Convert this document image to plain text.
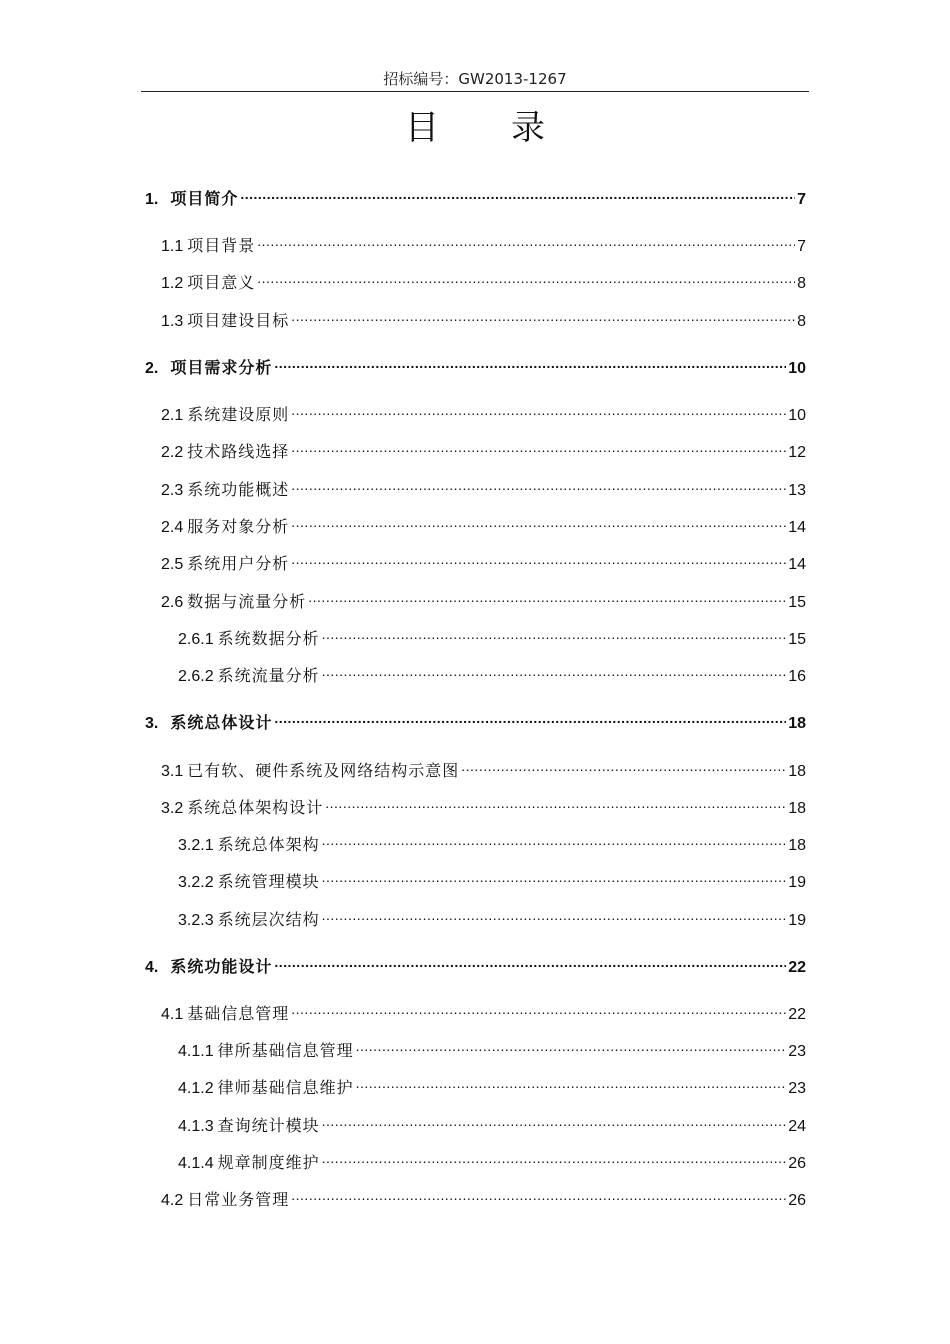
招标编号：GW2013-1267
目录
1. 项目简介 .....	7
1.1 项目背景 .....	7
1.2 项目意义 .....	8
1.3 项目建设目标 .....	8
2. 项目需求分析 .....	10
2.1 系统建设原则 .....	10
2.2 技术路线选择 .....	12
2.3 系统功能概述 .....	13
2.4 服务对象分析 .....	14
2.5 系统用户分析 .....	14
2.6 数据与流量分析 .....	15
2.6.1 系统数据分析 .....	15
2.6.2 系统流量分析 .....	16
3. 系统总体设计 .....	18
3.1 已有软、硬件系统及网络结构示意图 .....	18
3.2 系统总体架构设计 .....	18
3.2.1 系统总体架构 .....	18
3.2.2 系统管理模块 .....	19
3.2.3 系统层次结构 .....	19
4. 系统功能设计 .....	22
4.1 基础信息管理 .....	22
4.1.1 律所基础信息管理 .....	23
4.1.2 律师基础信息维护 .....	23
4.1.3 查询统计模块 .....	24
4.1.4 规章制度维护 .....	26
4.2 日常业务管理 .....	26
